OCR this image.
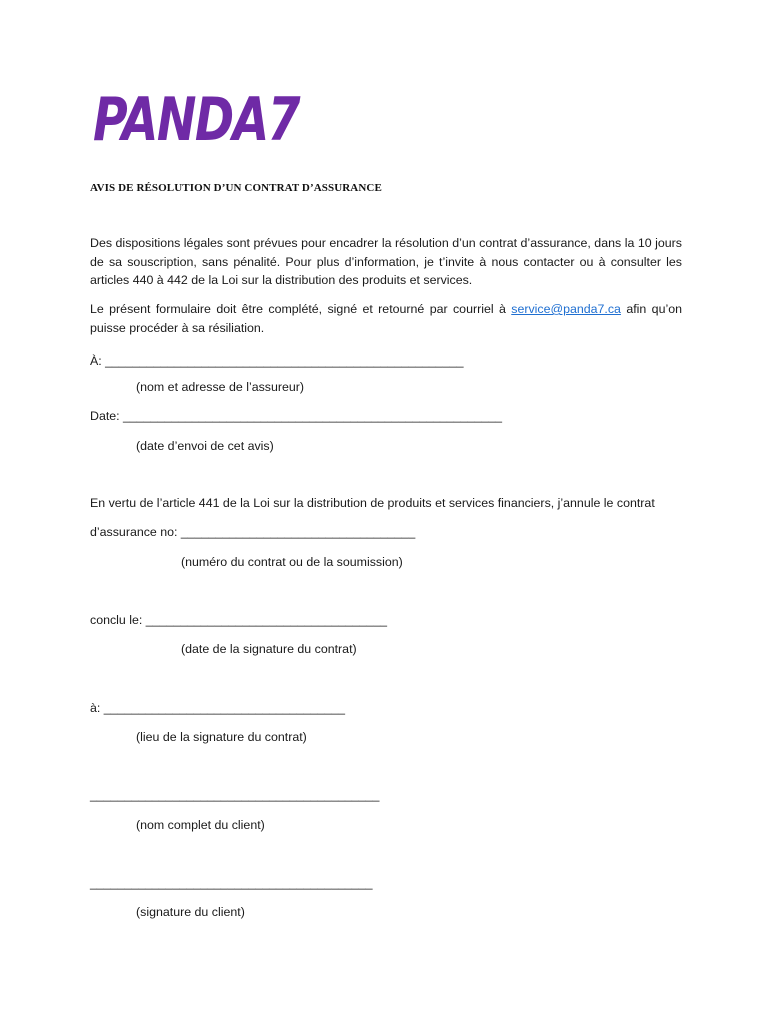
PANDA7
AVIS DE RÉSOLUTION D’UN CONTRAT D’ASSURANCE
Des dispositions légales sont prévues pour encadrer la résolution d’un contrat d’assurance, dans la 10 jours de sa souscription, sans pénalité. Pour plus d’information, je t’invite à nous contacter ou à consulter les articles 440 à 442 de la Loi sur la distribution des produits et services.
Le présent formulaire doit être complété, signé et retourné par courriel à service@panda7.ca afin qu’on puisse procéder à sa résiliation.
À: ____________________________________________________
(nom et adresse de l’assureur)
Date: _______________________________________________________
(date d’envoi de cet avis)
En vertu de l’article 441 de la Loi sur la distribution de produits et services financiers, j’annule le contrat
d’assurance no: __________________________________
(numéro du contrat ou de la soumission)
conclu le: ___________________________________
(date de la signature du contrat)
à: ___________________________________
(lieu de la signature du contrat)
__________________________________________
(nom complet du client)
_________________________________________
(signature du client)
